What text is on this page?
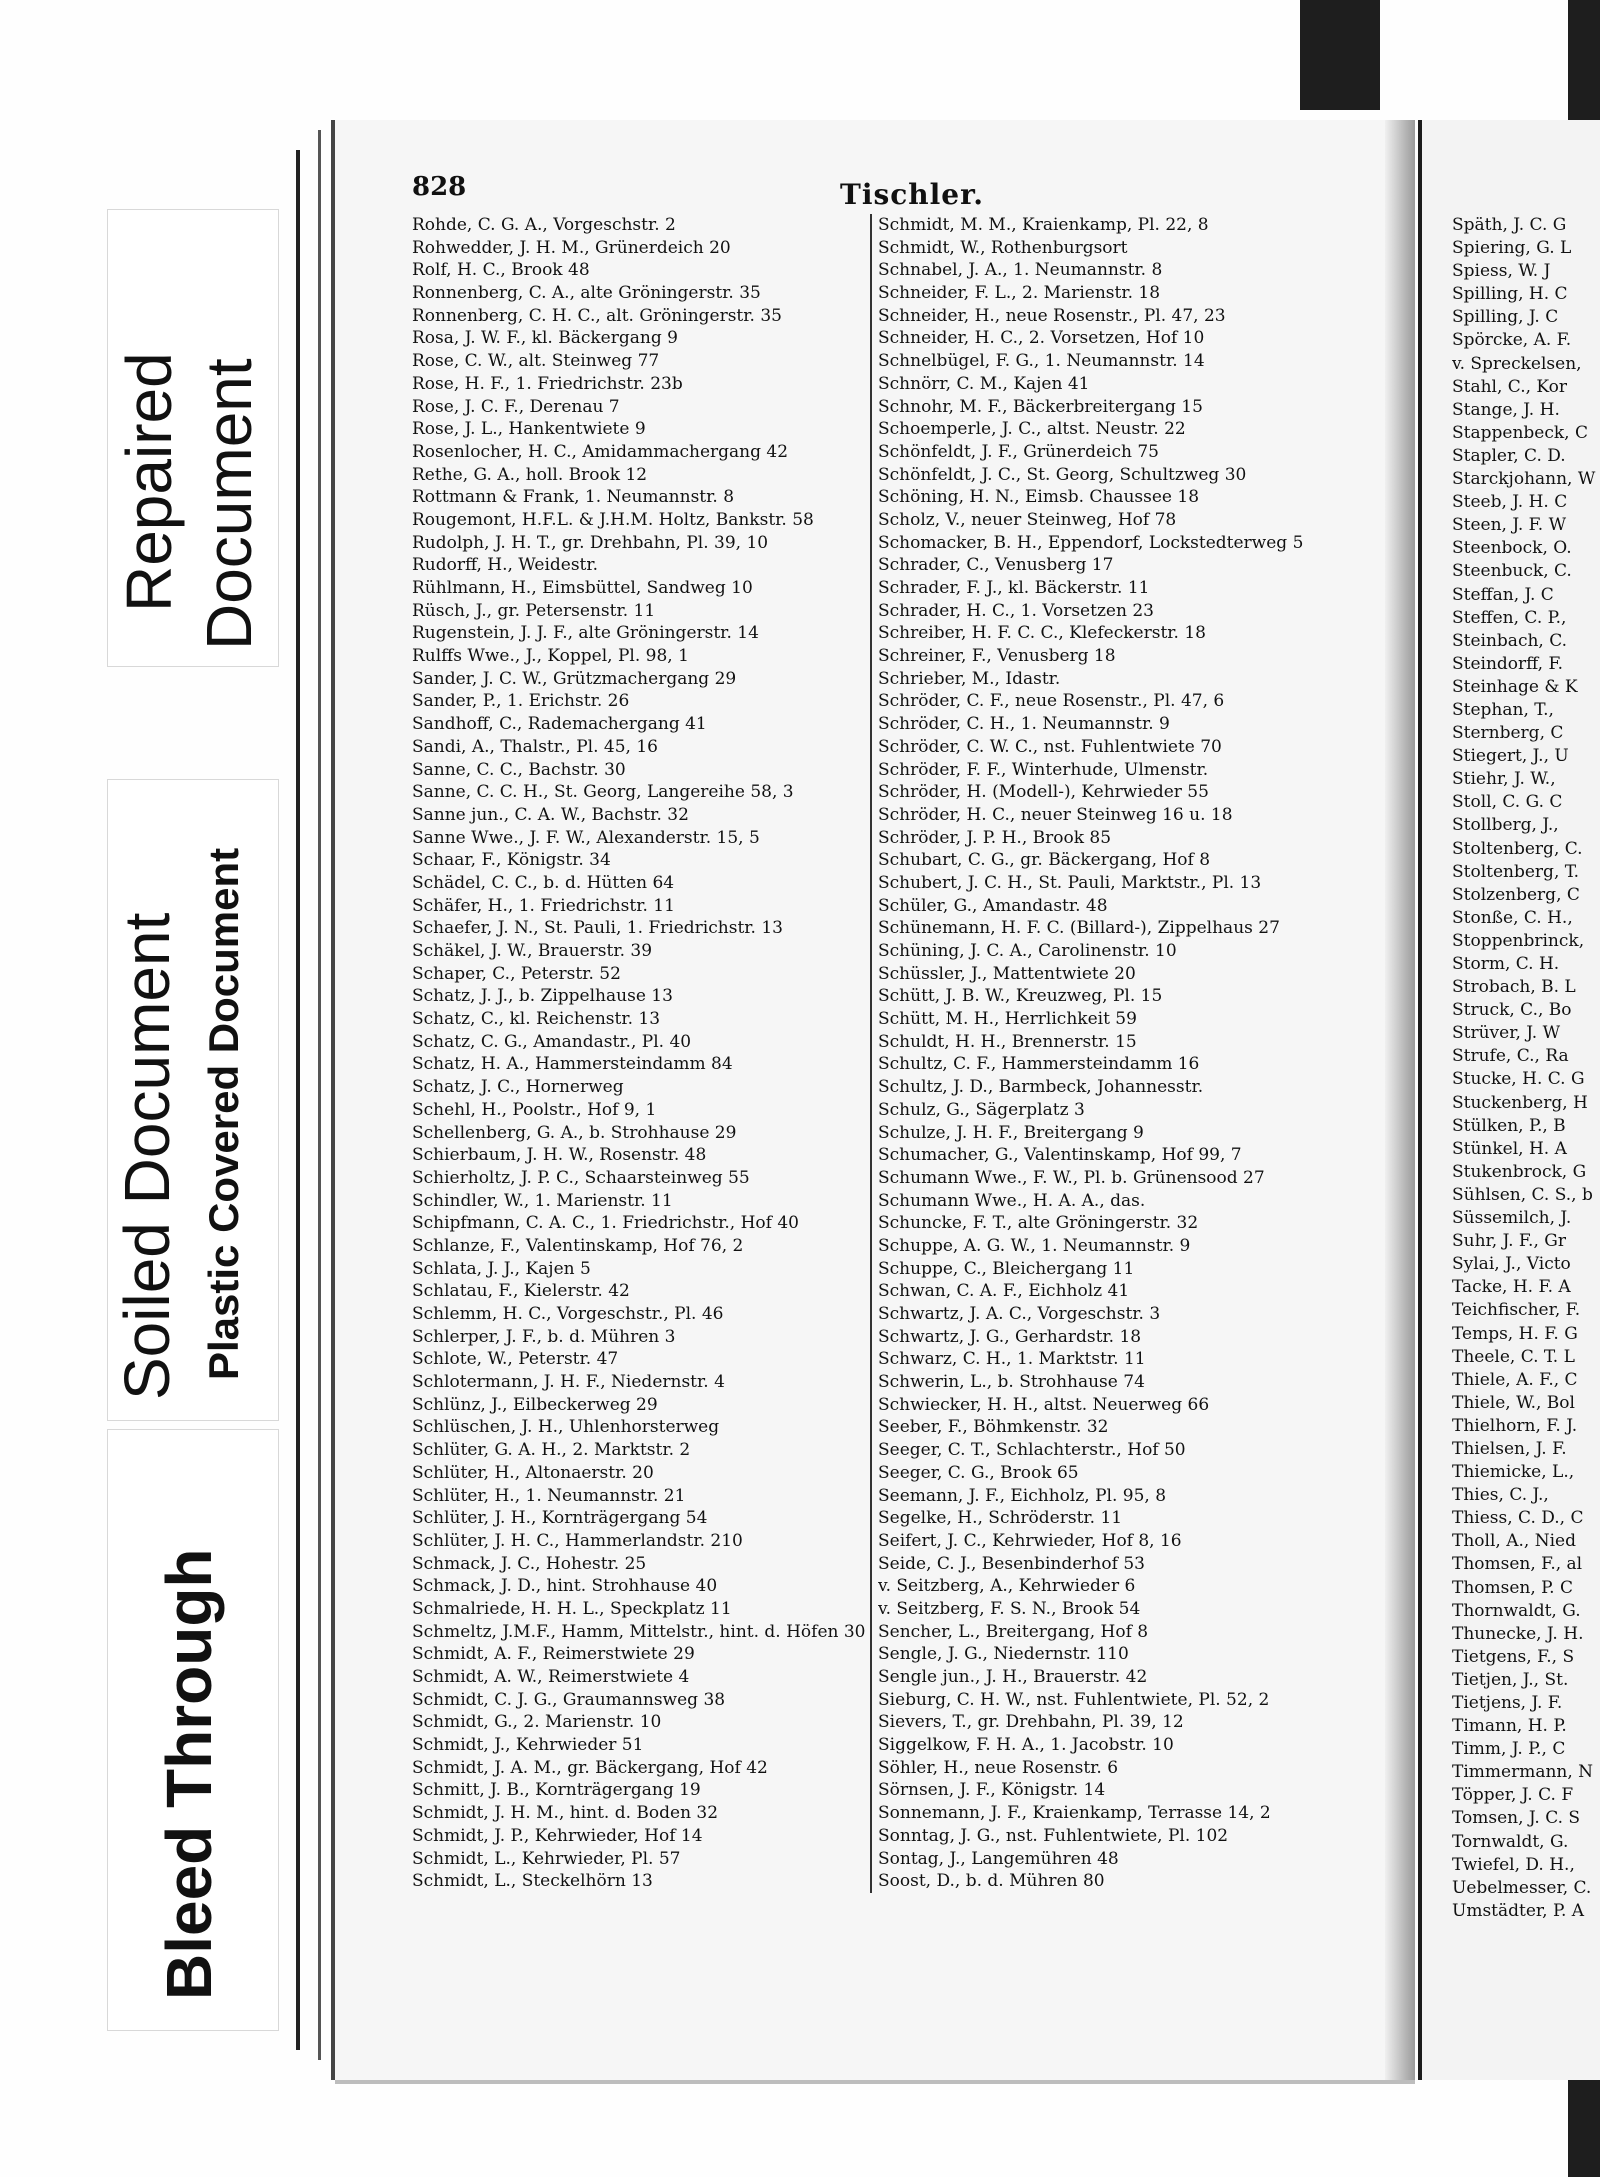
Repaired Document
Soiled Document Plastic Covered Document
Bleed Through
828	Tischler.
Rohde, C. G. A., Vorgeschstr. 2
Rohwedder, J. H. M., Grünerdeich 20
Rolf, H. C., Brook 48
Ronnenberg, C. A., alte Gröningerstr. 35
Ronnenberg, C. H. C., alt. Gröningerstr. 35
Rosa, J. W. F., kl. Bäckergang 9
Rose, C. W., alt. Steinweg 77
Rose, H. F., 1. Friedrichstr. 23b
Rose, J. C. F., Derenau 7
Rose, J. L., Hankentwiete 9
Rosenlocher, H. C., Amidammachergang 42
Rethe, G. A., holl. Brook 12
Rottmann & Frank, 1. Neumannstr. 8
Rougemont, H.F.L. & J.H.M. Holtz, Bankstr. 58
Rudolph, J. H. T., gr. Drehbahn, Pl. 39, 10
Rudorff, H., Weidestr.
Rühlmann, H., Eimsbüttel, Sandweg 10
Rüsch, J., gr. Petersenstr. 11
Rugenstein, J. J. F., alte Gröningerstr. 14
Rulffs Wwe., J., Koppel, Pl. 98, 1
Sander, J. C. W., Grützmachergang 29
Sander, P., 1. Erichstr. 26
Sandhoff, C., Rademachergang 41
Sandi, A., Thalstr., Pl. 45, 16
Sanne, C. C., Bachstr. 30
Sanne, C. C. H., St. Georg, Langereihe 58, 3
Sanne jun., C. A. W., Bachstr. 32
Sanne Wwe., J. F. W., Alexanderstr. 15, 5
Schaar, F., Königstr. 34
Schädel, C. C., b. d. Hütten 64
Schäfer, H., 1. Friedrichstr. 11
Schaefer, J. N., St. Pauli, 1. Friedrichstr. 13
Schäkel, J. W., Brauerstr. 39
Schaper, C., Peterstr. 52
Schatz, J. J., b. Zippelhause 13
Schatz, C., kl. Reichenstr. 13
Schatz, C. G., Amandastr., Pl. 40
Schatz, H. A., Hammersteindamm 84
Schatz, J. C., Hornerweg
Schehl, H., Poolstr., Hof 9, 1
Schellenberg, G. A., b. Strohhause 29
Schierbaum, J. H. W., Rosenstr. 48
Schierholtz, J. P. C., Schaarsteinweg 55
Schindler, W., 1. Marienstr. 11
Schipfmann, C. A. C., 1. Friedrichstr., Hof 40
Schlanze, F., Valentinskamp, Hof 76, 2
Schlata, J. J., Kajen 5
Schlatau, F., Kielerstr. 42
Schlemm, H. C., Vorgeschstr., Pl. 46
Schlerper, J. F., b. d. Mühren 3
Schlote, W., Peterstr. 47
Schlotermann, J. H. F., Niedernstr. 4
Schlünz, J., Eilbeckerweg 29
Schlüschen, J. H., Uhlenhorsterweg
Schlüter, G. A. H., 2. Marktstr. 2
Schlüter, H., Altonaerstr. 20
Schlüter, H., 1. Neumannstr. 21
Schlüter, J. H., Kornträgergang 54
Schlüter, J. H. C., Hammerlandstr. 210
Schmack, J. C., Hohestr. 25
Schmack, J. D., hint. Strohhause 40
Schmalriede, H. H. L., Speckplatz 11
Schmeltz, J.M.F., Hamm, Mittelstr., hint. d. Höfen 30
Schmidt, A. F., Reimerstwiete 29
Schmidt, A. W., Reimerstwiete 4
Schmidt, C. J. G., Graumannsweg 38
Schmidt, G., 2. Marienstr. 10
Schmidt, J., Kehrwieder 51
Schmidt, J. A. M., gr. Bäckergang, Hof 42
Schmitt, J. B., Kornträgergang 19
Schmidt, J. H. M., hint. d. Boden 32
Schmidt, J. P., Kehrwieder, Hof 14
Schmidt, L., Kehrwieder, Pl. 57
Schmidt, L., Steckelhörn 13
Schmidt, M. M., Kraienkamp, Pl. 22, 8
Schmidt, W., Rothenburgsort
Schnabel, J. A., 1. Neumannstr. 8
Schneider, F. L., 2. Marienstr. 18
Schneider, H., neue Rosenstr., Pl. 47, 23
Schneider, H. C., 2. Vorsetzen, Hof 10
Schnelbügel, F. G., 1. Neumannstr. 14
Schnörr, C. M., Kajen 41
Schnohr, M. F., Bäckerbreitergang 15
Schoemperle, J. C., altst. Neustr. 22
Schönfeldt, J. F., Grünerdeich 75
Schönfeldt, J. C., St. Georg, Schultzweg 30
Schöning, H. N., Eimsb. Chaussee 18
Scholz, V., neuer Steinweg, Hof 78
Schomacker, B. H., Eppendorf, Lockstedterweg 5
Schrader, C., Venusberg 17
Schrader, F. J., kl. Bäckerstr. 11
Schrader, H. C., 1. Vorsetzen 23
Schreiber, H. F. C. C., Klefeckerstr. 18
Schreiner, F., Venusberg 18
Schrieber, M., Idastr.
Schröder, C. F., neue Rosenstr., Pl. 47, 6
Schröder, C. H., 1. Neumannstr. 9
Schröder, C. W. C., nst. Fuhlentwiete 70
Schröder, F. F., Winterhude, Ulmenstr.
Schröder, H. (Modell-), Kehrwieder 55
Schröder, H. C., neuer Steinweg 16 u. 18
Schröder, J. P. H., Brook 85
Schubart, C. G., gr. Bäckergang, Hof 8
Schubert, J. C. H., St. Pauli, Marktstr., Pl. 13
Schüler, G., Amandastr. 48
Schünemann, H. F. C. (Billard-), Zippelhaus 27
Schüning, J. C. A., Carolinenstr. 10
Schüssler, J., Mattentwiete 20
Schütt, J. B. W., Kreuzweg, Pl. 15
Schütt, M. H., Herrlichkeit 59
Schuldt, H. H., Brennerstr. 15
Schultz, C. F., Hammersteindamm 16
Schultz, J. D., Barmbeck, Johannesstr.
Schulz, G., Sägerplatz 3
Schulze, J. H. F., Breitergang 9
Schumacher, G., Valentinskamp, Hof 99, 7
Schumann Wwe., F. W., Pl. b. Grünensood 27
Schumann Wwe., H. A. A., das.
Schuncke, F. T., alte Gröningerstr. 32
Schuppe, A. G. W., 1. Neumannstr. 9
Schuppe, C., Bleichergang 11
Schwan, C. A. F., Eichholz 41
Schwartz, J. A. C., Vorgeschstr. 3
Schwartz, J. G., Gerhardstr. 18
Schwarz, C. H., 1. Marktstr. 11
Schwerin, L., b. Strohhause 74
Schwiecker, H. H., altst. Neuerweg 66
Seeber, F., Böhmkenstr. 32
Seeger, C. T., Schlachterstr., Hof 50
Seeger, C. G., Brook 65
Seemann, J. F., Eichholz, Pl. 95, 8
Segelke, H., Schröderstr. 11
Seifert, J. C., Kehrwieder, Hof 8, 16
Seide, C. J., Besenbinderhof 53
v. Seitzberg, A., Kehrwieder 6
v. Seitzberg, F. S. N., Brook 54
Sencher, L., Breitergang, Hof 8
Sengle, J. G., Niedernstr. 110
Sengle jun., J. H., Brauerstr. 42
Sieburg, C. H. W., nst. Fuhlentwiete, Pl. 52, 2
Sievers, T., gr. Drehbahn, Pl. 39, 12
Siggelkow, F. H. A., 1. Jacobstr. 10
Söhler, H., neue Rosenstr. 6
Sörnsen, J. F., Königstr. 14
Sonnemann, J. F., Kraienkamp, Terrasse 14, 2
Sonntag, J. G., nst. Fuhlentwiete, Pl. 102
Sontag, J., Langemühren 48
Soost, D., b. d. Mühren 80
Späth, J. C. G
Spiering, G. L
Spiess, W. J
Spilling, H. C
Spilling, J. C
Spörcke, A. F.
v. Spreckelsen,
Stahl, C., Kor
Stange, J. H.
Stappenbeck, C
Stapler, C. D.
Starckjohann, W
Steeb, J. H. C
Steen, J. F. W
Steenbock, O.
Steenbuck, C.
Steffan, J. C
Steffen, C. P.,
Steinbach, C.
Steindorff, F.
Steinhage & K
Stephan, T.,
Sternberg, C
Stiegert, J., U
Stiehr, J. W.,
Stoll, C. G. C
Stollberg, J.,
Stoltenberg, C.
Stoltenberg, T.
Stolzenberg, C
Stonße, C. H.,
Stoppenbrinck,
Storm, C. H.
Strobach, B. L
Struck, C., Bo
Strüver, J. W
Strufe, C., Ra
Stucke, H. C. G
Stuckenberg, H
Stülken, P., B
Stünkel, H. A
Stukenbrock, G
Sühlsen, C. S., b
Süssemilch, J.
Suhr, J. F., Gr
Sylai, J., Victo
Tacke, H. F. A
Teichfischer, F.
Temps, H. F. G
Theele, C. T. L
Thiele, A. F., C
Thiele, W., Bol
Thielhorn, F. J.
Thielsen, J. F.
Thiemicke, L.,
Thies, C. J.,
Thiess, C. D., C
Tholl, A., Nied
Thomsen, F., al
Thomsen, P. C
Thornwaldt, G.
Thunecke, J. H.
Tietgens, F., S
Tietjen, J., St.
Tietjens, J. F.
Timann, H. P.
Timm, J. P., C
Timmermann, N
Töpper, J. C. F
Tomsen, J. C. S
Tornwaldt, G.
Twiefel, D. H.,
Uebelmesser, C.
Umstädter, P. A
